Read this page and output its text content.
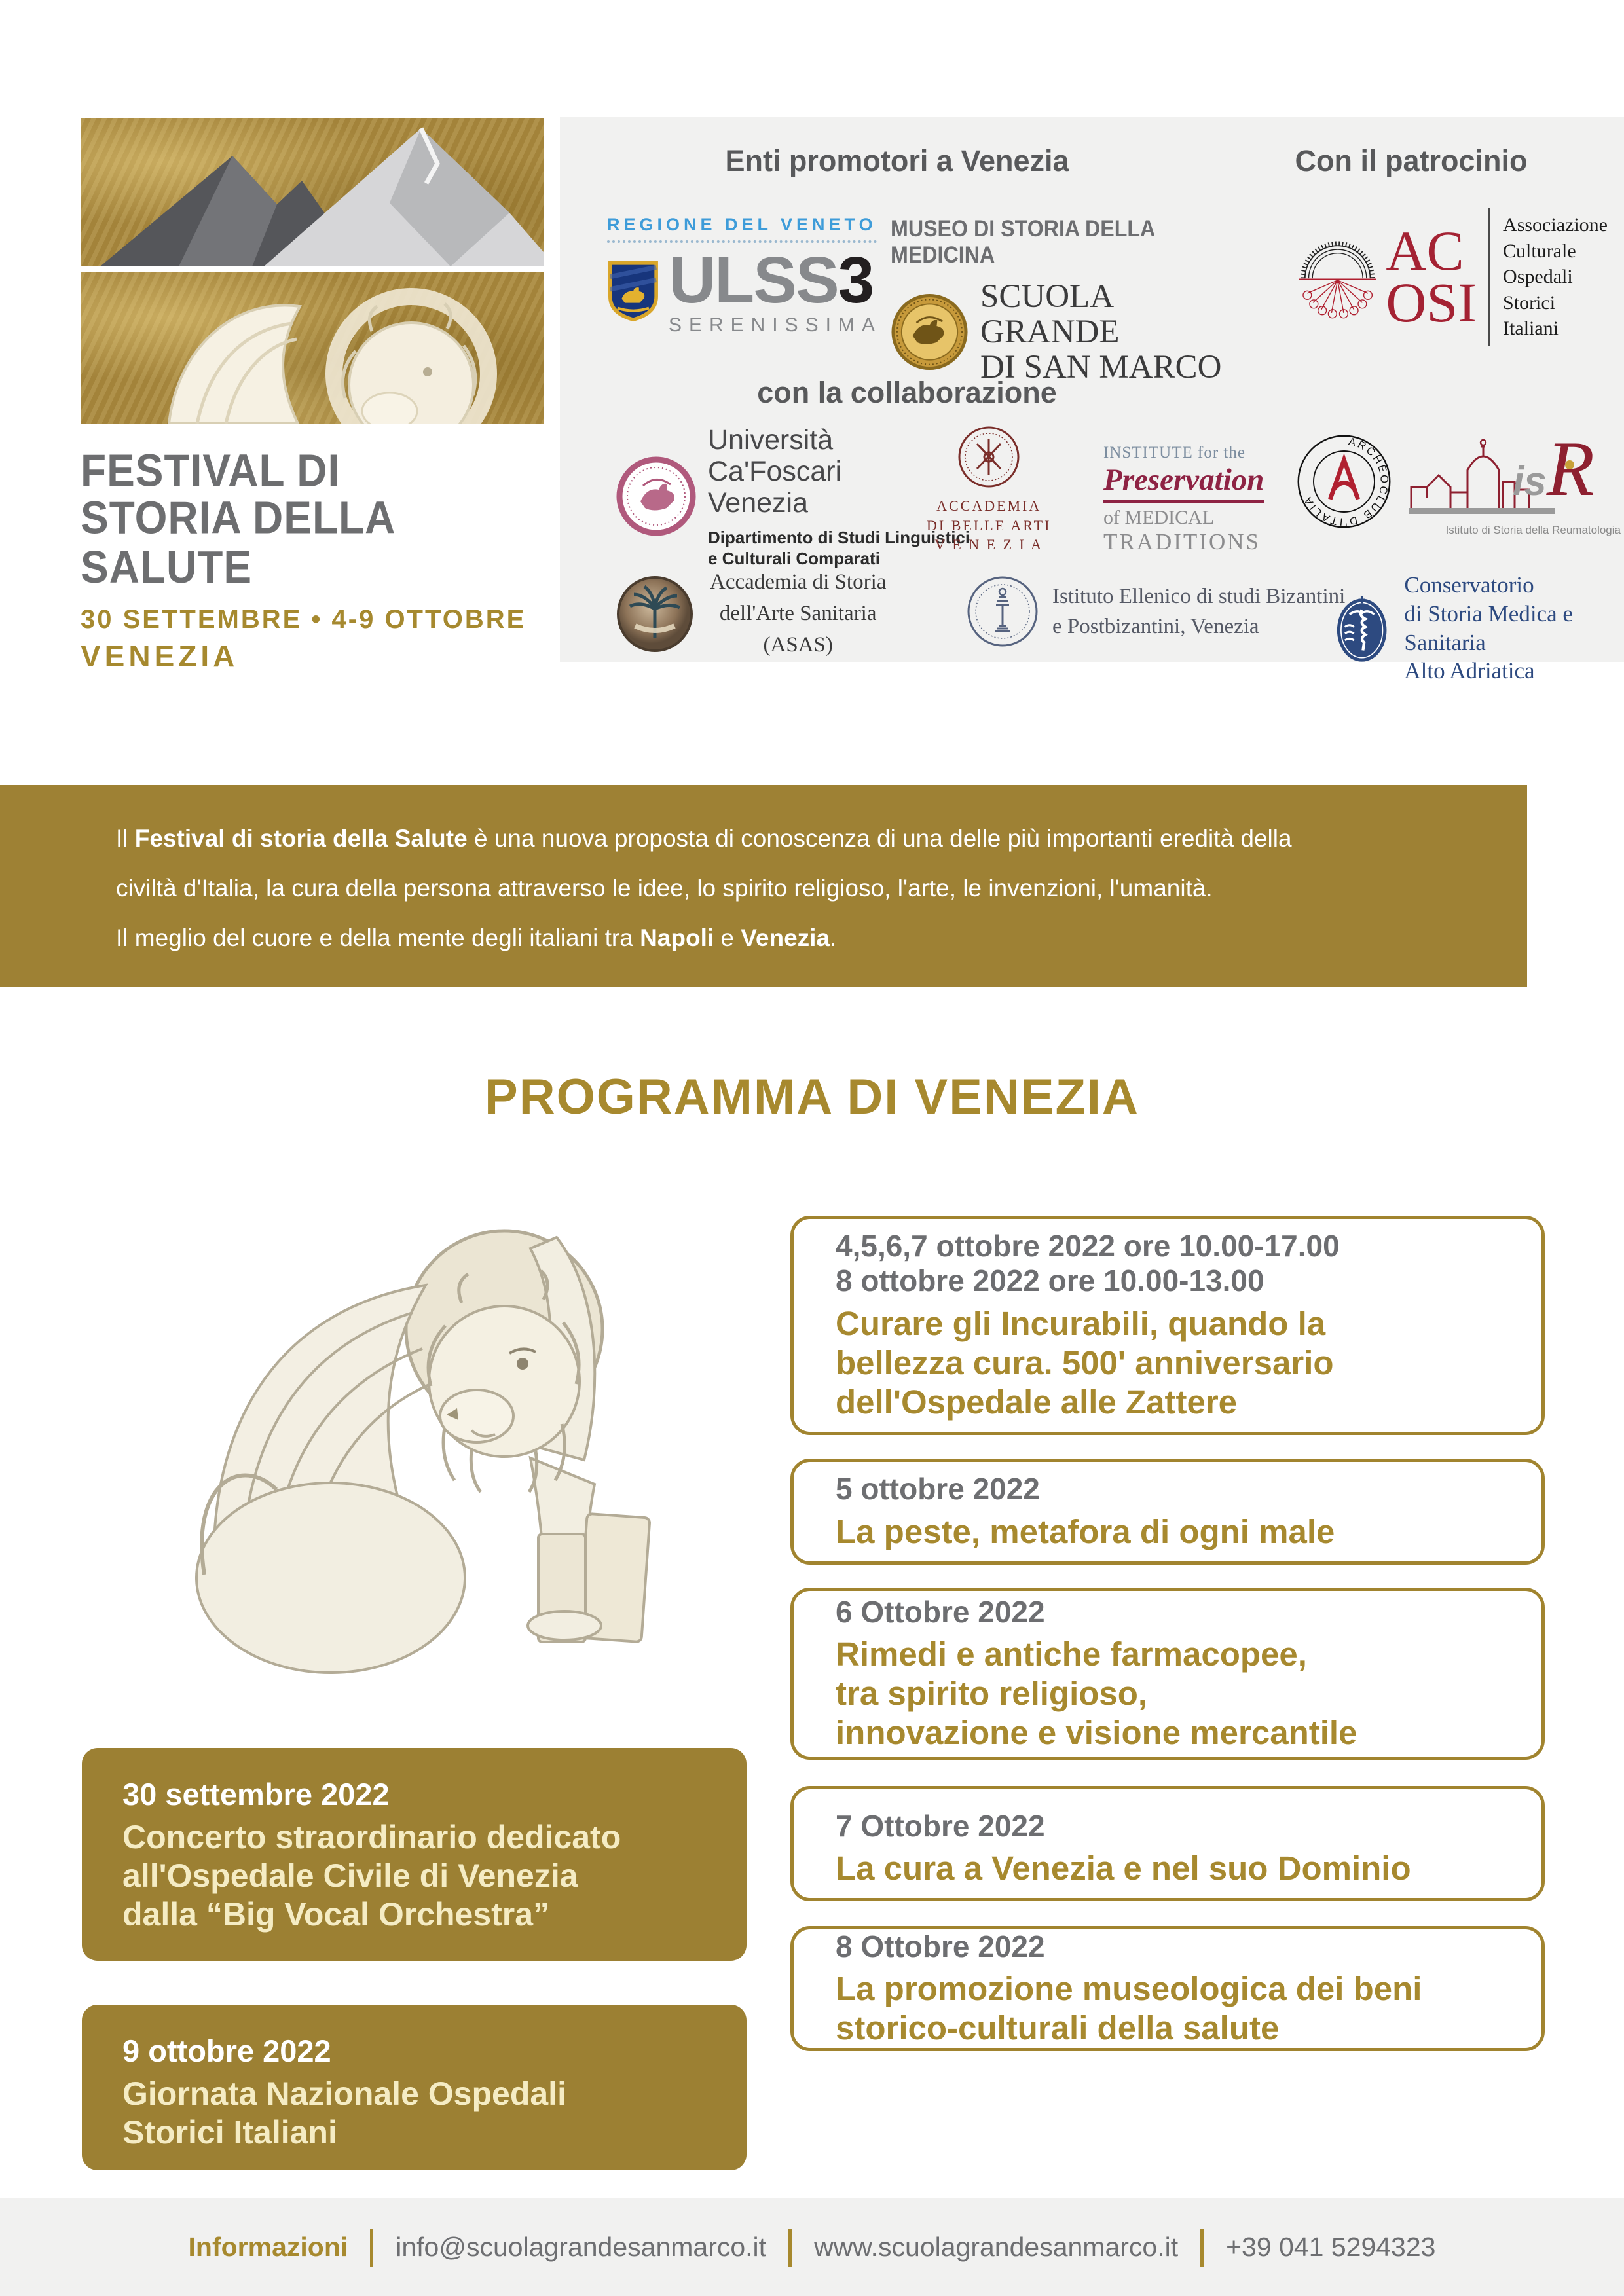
FESTIVAL DI
STORIA DELLA SALUTE
30 SETTEMBRE • 4-9 OTTOBRE
VENEZIA
Enti promotori a Venezia	Con il patrocinio
REGIONE DEL VENETO
ULSS3
SERENISSIMA
MUSEO DI STORIA DELLA MEDICINA
SCUOLA GRANDE
DI SAN MARCO
AC
OSI
Associazione
Culturale
Ospedali
Storici
Italiani
con la collaborazione
Università
Ca'Foscari
Venezia
Dipartimento di Studi Linguistici
e Culturali Comparati
ACCADEMIA
DI BELLE ARTI
V E N E Z I A
INSTITUTE for the
Preservation
of MEDICAL
TRADITIONS
ARCHEOCLUB D'ITALIA	isR
Istituto di Storia della Reumatologia
Accademia di Storia
dell'Arte Sanitaria
(ASAS)
Istituto Ellenico di studi Bizantini
e Postbizantini, Venezia
Conservatorio
di Storia Medica e Sanitaria
Alto Adriatica

Il Festival di storia della Salute è una nuova proposta di conoscenza di una delle più importanti eredità della
civiltà d'Italia, la cura della persona attraverso le idee, lo spirito religioso, l'arte, le invenzioni, l'umanità.
Il meglio del cuore e della mente degli italiani tra Napoli e Venezia.

PROGRAMMA DI VENEZIA
30 settembre 2022
Concerto straordinario dedicato
all'Ospedale Civile di Venezia
dalla “Big Vocal Orchestra”
9 ottobre 2022
Giornata Nazionale Ospedali
Storici Italiani
4,5,6,7 ottobre 2022 ore 10.00-17.00
8 ottobre 2022 ore 10.00-13.00
Curare gli Incurabili, quando la
bellezza cura. 500' anniversario
dell'Ospedale alle Zattere
5 ottobre 2022
La peste, metafora di ogni male
6 Ottobre 2022
Rimedi e antiche farmacopee,
tra spirito religioso,
innovazione e visione mercantile
7 Ottobre 2022
La cura a Venezia e nel suo Dominio
8 Ottobre 2022
La promozione museologica dei beni
storico-culturali della salute
Informazioni info@scuolagrandesanmarco.it www.scuolagrandesanmarco.it +39 041 5294323
